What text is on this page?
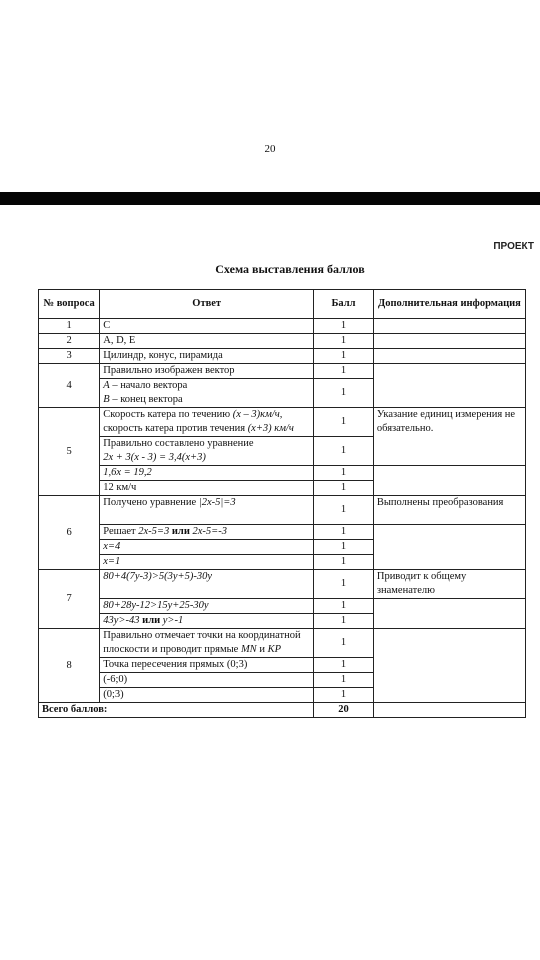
20
ПРОЕКТ
Схема выставления баллов
№ вопроса	Ответ	Балл	Дополнительная информация
1	C	1	
2	A, D, E	1	
3	Цилиндр, конус, пирамида	1	
4	Правильно изображен вектор	1	
	A – начало вектора
B – конец вектора	1	
5	Скорость катера по течению (x – 3)км/ч, скорость катера против течения (x+3) км/ч	1	Указание единиц измерения не обязательно.
	Правильно составлено уравнение
2x + 3(x - 3) = 3,4(x+3)	1	
	1,6x = 19,2	1	
	12 км/ч	1	
6	Получено уравнение |2x-5|=3	1	Выполнены преобразования
	Решает 2x-5=3 или 2x-5=-3	1	
	x=4	1	
	x=1	1	
7	80+4(7y-3)>5(3y+5)-30y	1	Приводит к общему знаменателю
	80+28y-12>15y+25-30y	1	
	43y>-43 или y>-1	1	
8	Правильно отмечает точки на координатной плоскости и проводит прямые MN и KP	1	
	Точка пересечения прямых (0;3)	1	
	(-6;0)	1	
	(0;3)	1	
Всего баллов:		20	
